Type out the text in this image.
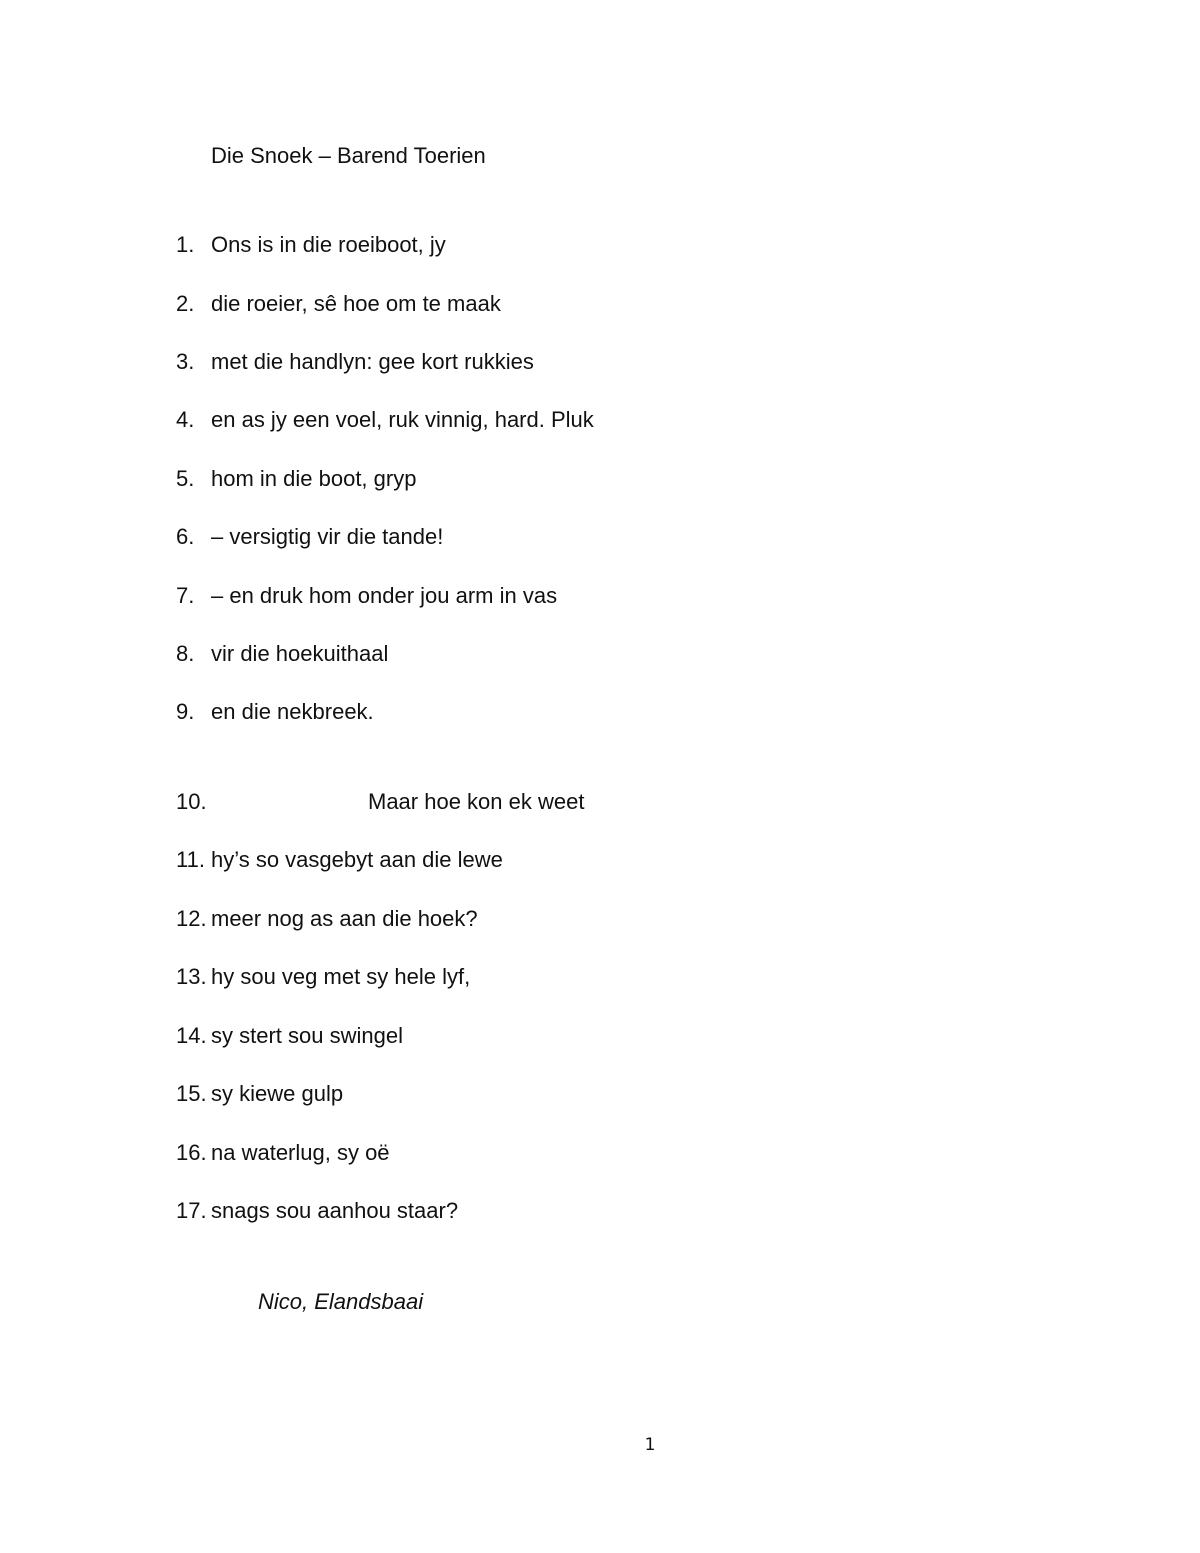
Die Snoek – Barend Toerien
1. Ons is in die roeiboot, jy
2. die roeier, sê hoe om te maak
3. met die handlyn: gee kort rukkies
4. en as jy een voel, ruk vinnig, hard. Pluk
5. hom in die boot, gryp
6. – versigtig vir die tande!
7. – en druk hom onder jou arm in vas
8. vir die hoekuithaal
9. en die nekbreek.
10.	Maar hoe kon ek weet
11. hy’s so vasgebyt aan die lewe
12. meer nog as aan die hoek?
13. hy sou veg met sy hele lyf,
14. sy stert sou swingel
15. sy kiewe gulp
16. na waterlug, sy oë
17. snags sou aanhou staar?
Nico, Elandsbaai
1
